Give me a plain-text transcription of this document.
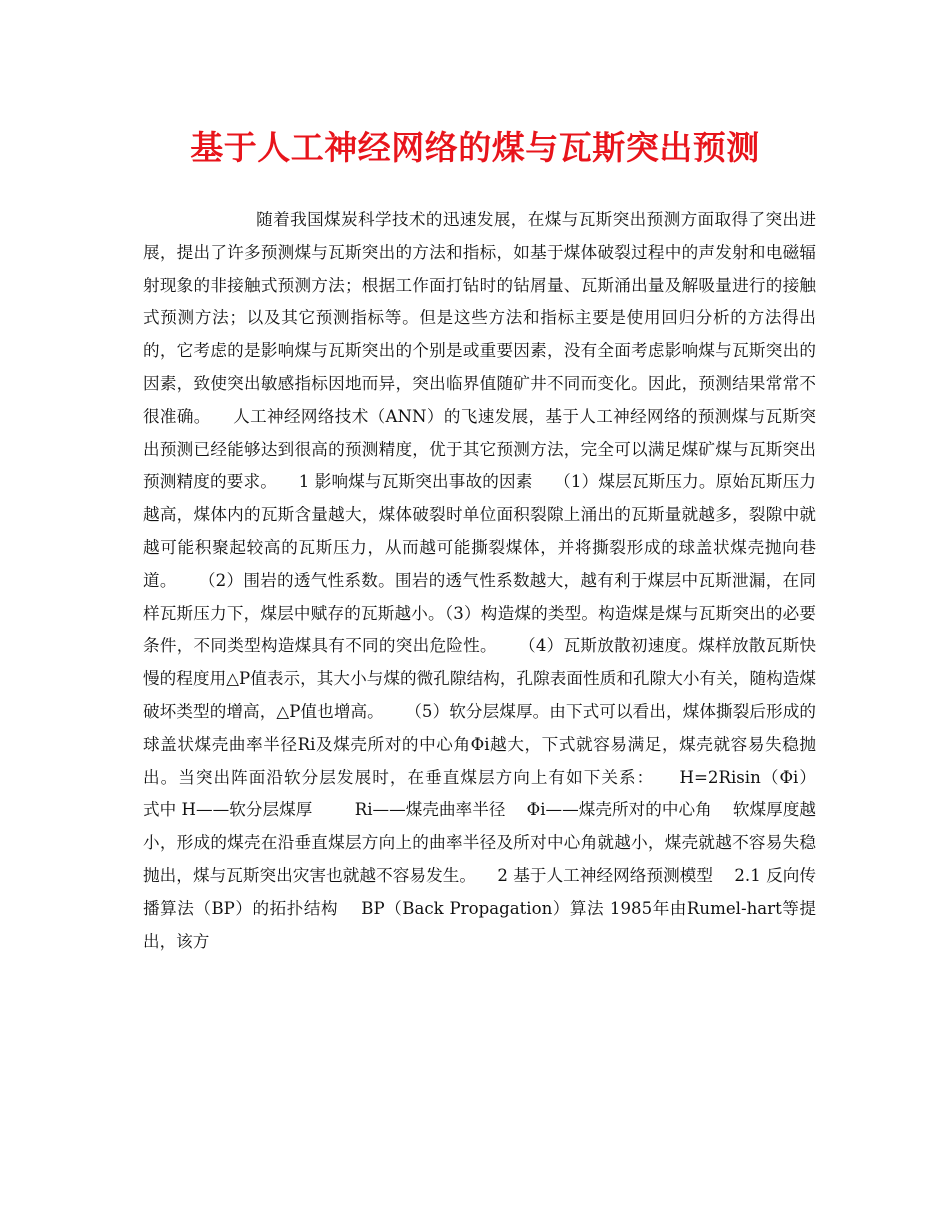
基于人工神经网络的煤与瓦斯突出预测

随着我国煤炭科学技术的迅速发展，在煤与瓦斯突出预测方面取得了突出进展，提出了许多预测煤与瓦斯突出的方法和指标，如基于煤体破裂过程中的声发射和电磁辐射现象的非接触式预测方法；根据工作面打钻时的钻屑量、瓦斯涌出量及解吸量进行的接触式预测方法；以及其它预测指标等。但是这些方法和指标主要是使用回归分析的方法得出的，它考虑的是影响煤与瓦斯突出的个别是或重要因素，没有全面考虑影响煤与瓦斯突出的因素，致使突出敏感指标因地而异，突出临界值随矿井不同而变化。因此，预测结果常常不很准确。    人工神经网络技术（ANN）的飞速发展，基于人工神经网络的预测煤与瓦斯突出预测已经能够达到很高的预测精度，优于其它预测方法，完全可以满足煤矿煤与瓦斯突出预测精度的要求。    1 影响煤与瓦斯突出事故的因素    （1）煤层瓦斯压力。原始瓦斯压力越高，煤体内的瓦斯含量越大，煤体破裂时单位面积裂隙上涌出的瓦斯量就越多，裂隙中就越可能积聚起较高的瓦斯压力，从而越可能撕裂煤体，并将撕裂形成的球盖状煤壳抛向巷道。    （2）围岩的透气性系数。围岩的透气性系数越大，越有利于煤层中瓦斯泄漏，在同样瓦斯压力下，煤层中赋存的瓦斯越小。（3）构造煤的类型。构造煤是煤与瓦斯突出的必要条件，不同类型构造煤具有不同的突出危险性。    （4）瓦斯放散初速度。煤样放散瓦斯快慢的程度用△P值表示，其大小与煤的微孔隙结构，孔隙表面性质和孔隙大小有关，随构造煤破坏类型的增高，△P值也增高。    （5）软分层煤厚。由下式可以看出，煤体撕裂后形成的球盖状煤壳曲率半径Ri及煤壳所对的中心角Φi越大，下式就容易满足，煤壳就容易失稳抛出。当突出阵面沿软分层发展时，在垂直煤层方向上有如下关系：    H=2Risin（Φi）    式中 H——软分层煤厚        Ri——煤壳曲率半径    Φi——煤壳所对的中心角    软煤厚度越小，形成的煤壳在沿垂直煤层方向上的曲率半径及所对中心角就越小，煤壳就越不容易失稳抛出，煤与瓦斯突出灾害也就越不容易发生。    2 基于人工神经网络预测模型    2.1 反向传播算法（BP）的拓扑结构    BP（Back Propagation）算法 1985年由Rumel-hart等提出，该方
